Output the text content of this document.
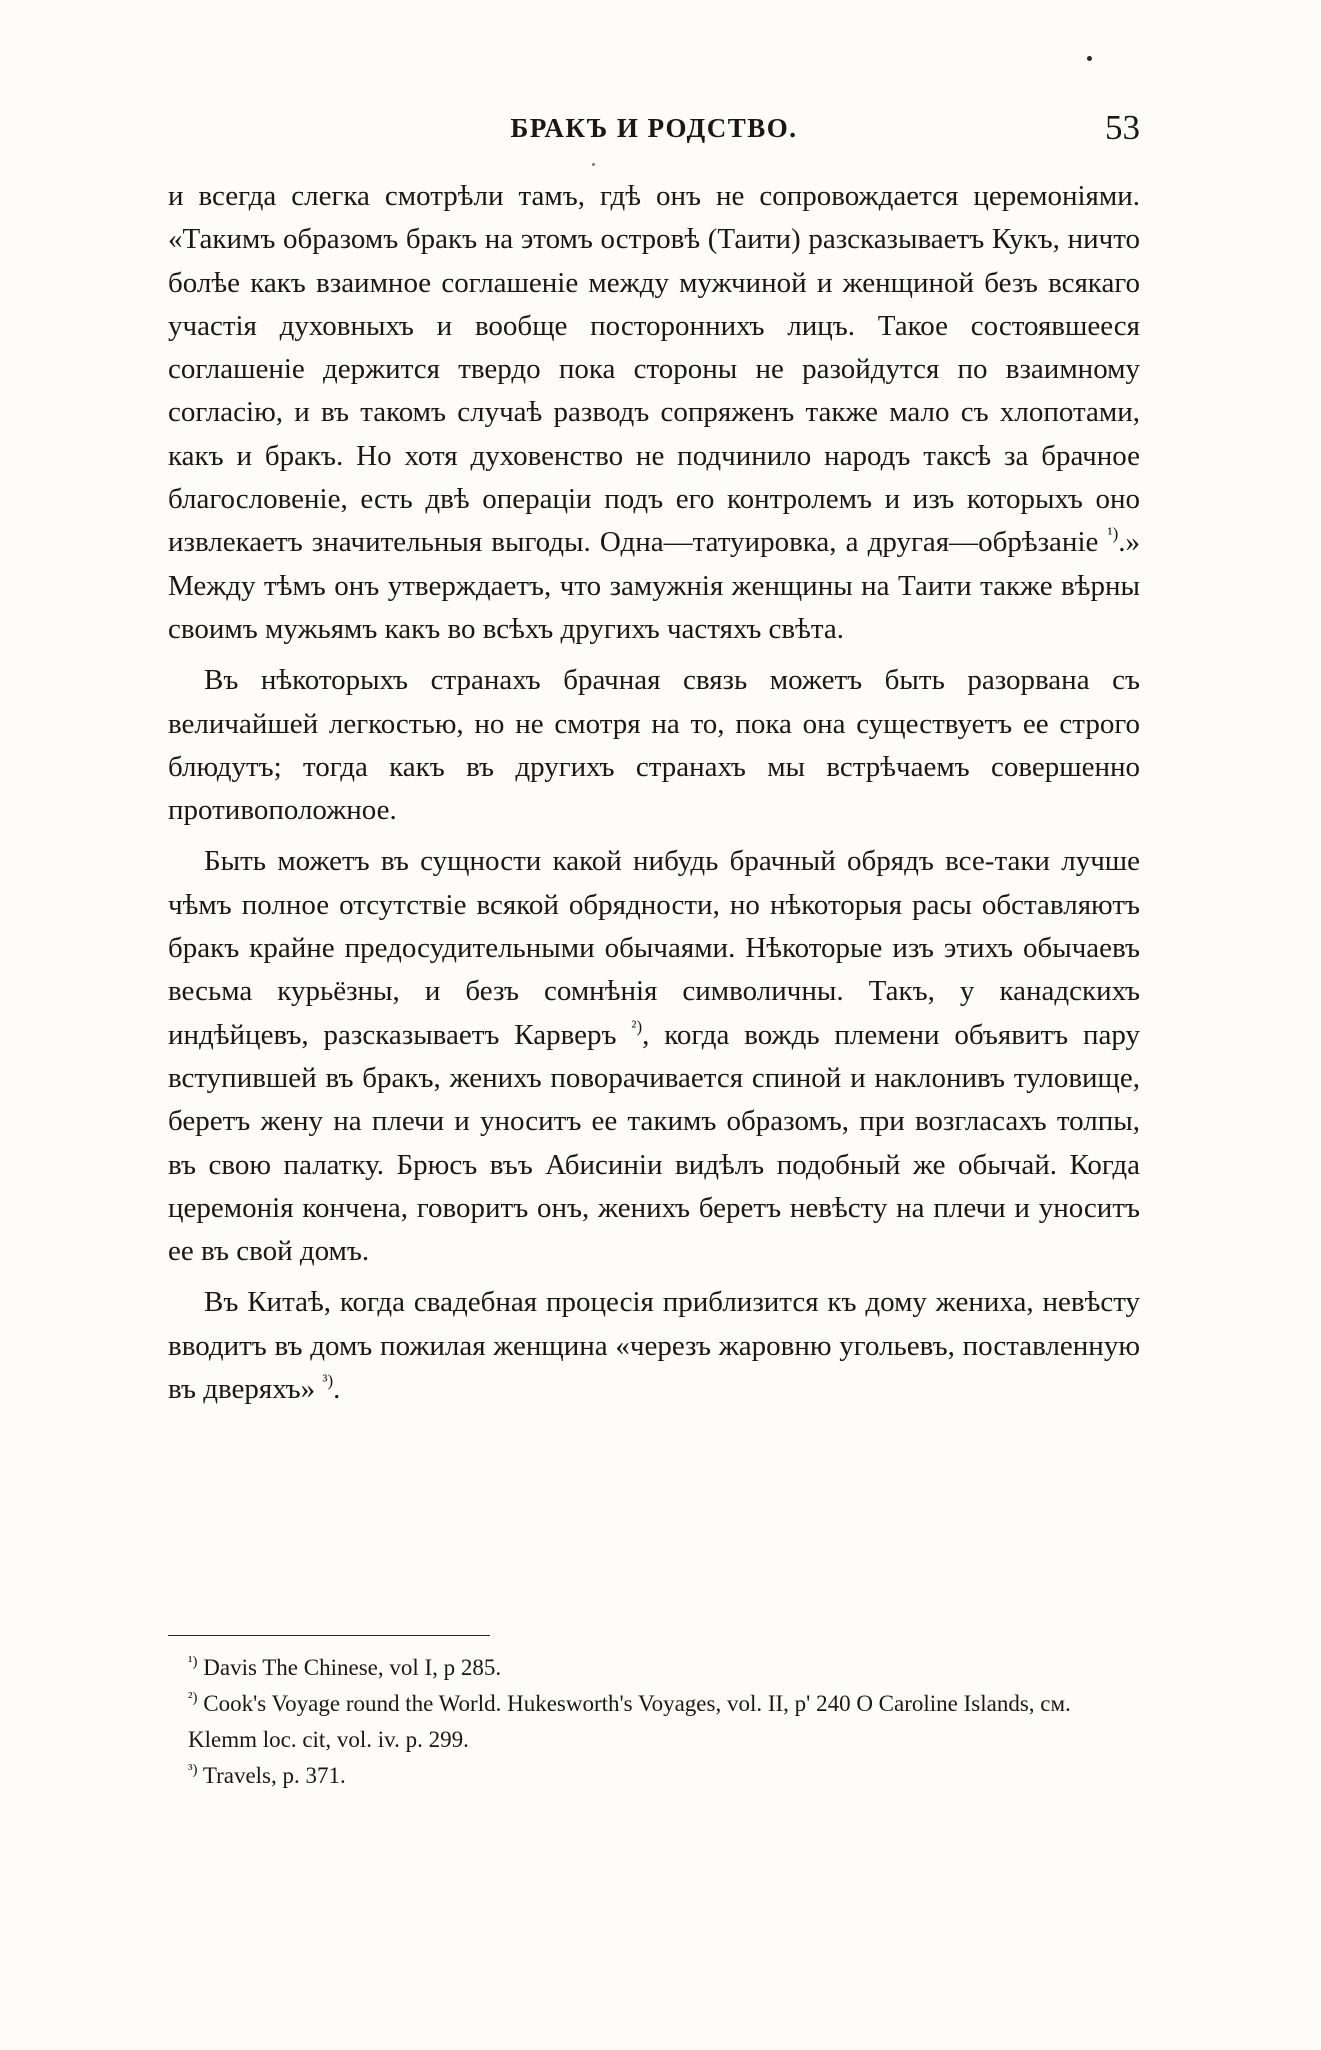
БРАКЪ И РОДСТВО.	53

и всегда слегка смотрѣли тамъ, гдѣ онъ не сопровождается церемоніями. «Такимъ образомъ бракъ на этомъ островѣ (Таити) разсказываетъ Кукъ, ничто болѣе какъ взаимное соглашеніе между мужчиной и женщиной безъ всякаго участія духовныхъ и вообще постороннихъ лицъ. Такое состоявшееся соглашеніе держится твердо пока стороны не разойдутся по взаимному согласію, и въ такомъ случаѣ разводъ сопряженъ также мало съ хлопотами, какъ и бракъ. Но хотя духовенство не подчинило народъ таксѣ за брачное благословеніе, есть двѣ операціи подъ его контролемъ и изъ которыхъ оно извлекаетъ значительныя выгоды. Одна—татуировка, а другая—обрѣзаніе $^{^1)}$.» Между тѣмъ онъ утверждаетъ, что замужнія женщины на Таити также вѣрны своимъ мужьямъ какъ во всѣхъ другихъ частяхъ свѣта.

Въ нѣкоторыхъ странахъ брачная связь можетъ быть разорвана съ величайшей легкостью, но не смотря на то, пока она существуетъ ее строго блюдутъ; тогда какъ въ другихъ странахъ мы встрѣчаемъ совершенно противоположное.

Быть можетъ въ сущности какой нибудь брачный обрядъ все-таки лучше чѣмъ полное отсутствіе всякой обрядности, но нѣкоторыя расы обставляютъ бракъ крайне предосудительными обычаями. Нѣкоторые изъ этихъ обычаевъ весьма курьёзны, и безъ сомнѣнія символичны. Такъ, у канадскихъ индѣйцевъ, разсказываетъ Карверъ $^{^2)}$, когда вождь племени объявитъ пару вступившей въ бракъ, женихъ поворачивается спиной и наклонивъ туловище, беретъ жену на плечи и уноситъ ее такимъ образомъ, при возгласахъ толпы, въ свою палатку. Брюсъ въъ Абисиніи видѣлъ подобный же обычай. Когда церемонія кончена, говоритъ онъ, женихъ беретъ невѣсту на плечи и уноситъ ее въ свой домъ.

Въ Китаѣ, когда свадебная процесія приблизится къ дому жениха, невѣсту вводитъ въ домъ пожилая женщина «черезъ жаровню угольевъ, поставленную въ дверяхъ» $^{^3)}$.

$^{^1)}$ Davis The Chinese, vol I, p 285.

$^{^2)}$ Cook's Voyage round the World. Hukesworth's Voyages, vol. II, p' 240 O Caroline Islands, см. Klemm loc. cit, vol. iv. p. 299.

$^{^3)}$ Travels, p. 371.
